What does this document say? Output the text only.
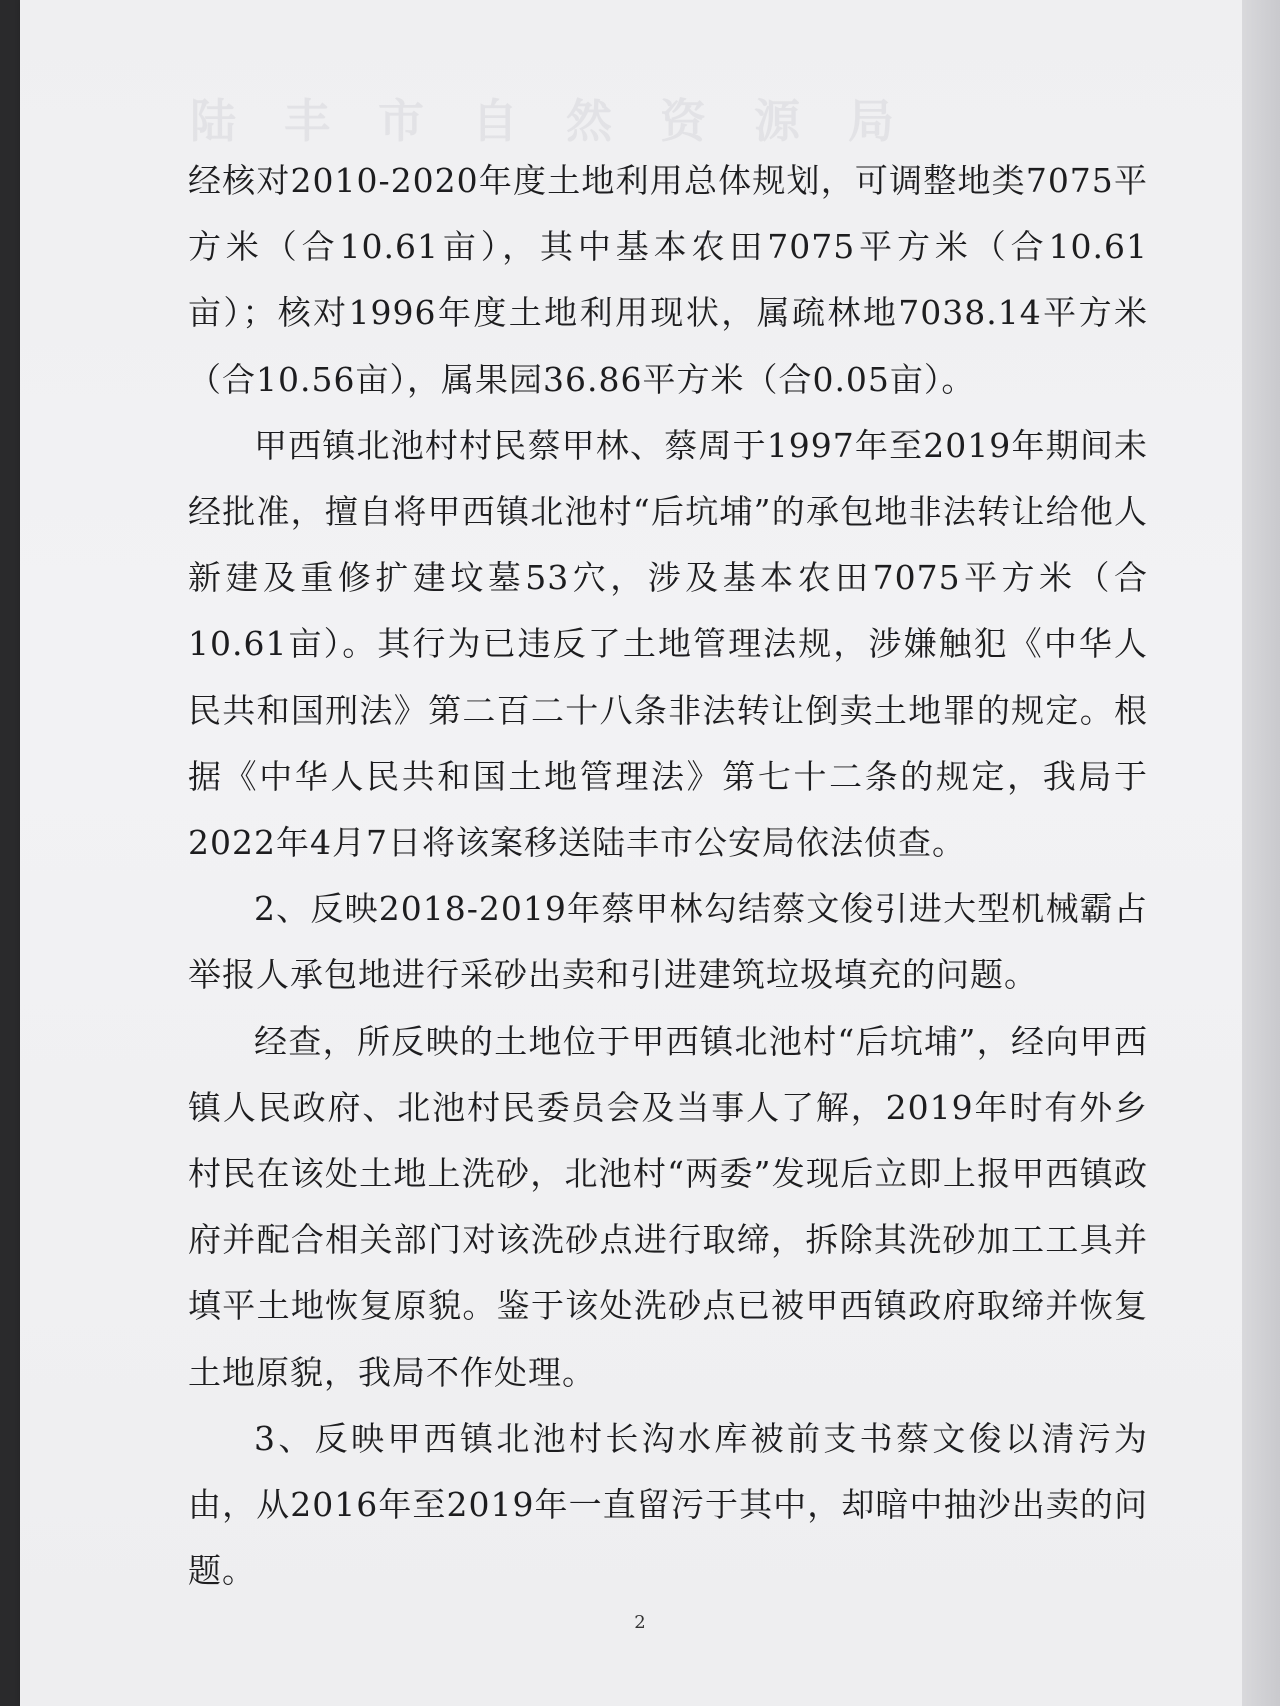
陆丰市自然资源局

经核对2010-2020年度土地利用总体规划，可调整地类7075平方米（合10.61亩），其中基本农田7075平方米（合10.61亩）；核对1996年度土地利用现状，属疏林地7038.14平方米（合10.56亩），属果园36.86平方米（合0.05亩）。

甲西镇北池村村民蔡甲林、蔡周于1997年至2019年期间未经批准，擅自将甲西镇北池村“后坑埔”的承包地非法转让给他人新建及重修扩建坟墓53穴，涉及基本农田7075平方米（合10.61亩）。其行为已违反了土地管理法规，涉嫌触犯《中华人民共和国刑法》第二百二十八条非法转让倒卖土地罪的规定。根据《中华人民共和国土地管理法》第七十二条的规定，我局于2022年4月7日将该案移送陆丰市公安局依法侦查。

2、反映2018-2019年蔡甲林勾结蔡文俊引进大型机械霸占举报人承包地进行采砂出卖和引进建筑垃圾填充的问题。

经查，所反映的土地位于甲西镇北池村“后坑埔”，经向甲西镇人民政府、北池村民委员会及当事人了解，2019年时有外乡村民在该处土地上洗砂，北池村“两委”发现后立即上报甲西镇政府并配合相关部门对该洗砂点进行取缔，拆除其洗砂加工工具并填平土地恢复原貌。鉴于该处洗砂点已被甲西镇政府取缔并恢复土地原貌，我局不作处理。

3、反映甲西镇北池村长沟水库被前支书蔡文俊以清污为由，从2016年至2019年一直留污于其中，却暗中抽沙出卖的问题。

2
